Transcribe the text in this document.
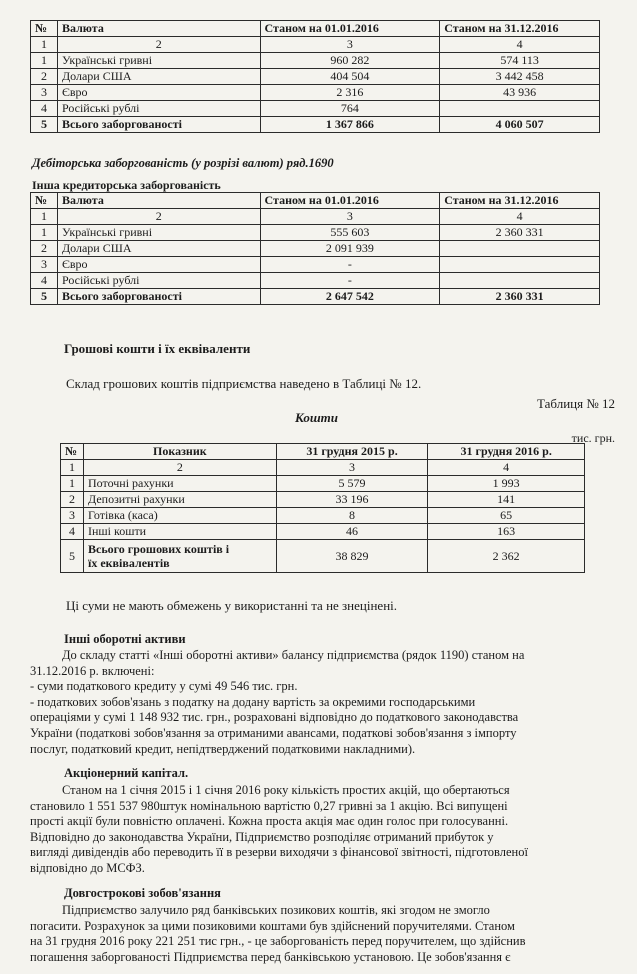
№	Валюта	Станом на 01.01.2016	Станом на 31.12.2016
1	2	3	4
1	Українські гривні	960 282	574 113
2	Долари США	404 504	3 442 458
3	Євро	2 316	43 936
4	Російські рублі	764	
5	Всього заборгованості	1 367 866	4 060 507
Дебіторська заборгованість (у розрізі валют) ряд.1690
Інша кредиторська заборгованість
№	Валюта	Станом на 01.01.2016	Станом на 31.12.2016
1	2	3	4
1	Українські гривні	555 603	2 360 331
2	Долари США	2 091 939	
3	Євро	-	
4	Російські рублі	-	
5	Всього заборгованості	2 647 542	2 360 331
Грошові кошти і їх еквіваленти
Склад грошових коштів підприємства наведено в Таблиці № 12.
Таблиця № 12
Кошти
тис. грн.
№	Показник	31 грудня 2015 р.	31 грудня 2016 р.
1	2	3	4
1	Поточні рахунки	5 579	1 993
2	Депозитні рахунки	33 196	141
3	Готівка (каса)	8	65
4	Інші кошти	46	163
5	Всього грошових коштів і
їх еквівалентів	38 829	2 362
Ці суми не мають обмежень у використанні та не знецінені.
Інші оборотні активи
До складу статті «Інші оборотні активи» балансу підприємства (рядок 1190) станом на
31.12.2016 р. включені:
- суми податкового кредиту у сумі 49 546 тис. грн.
- податкових зобов'язань з податку на додану вартість за окремими господарськими
операціями у сумі 1 148 932 тис. грн., розраховані відповідно до податкового законодавства
України (податкові зобов'язання за отриманими авансами, податкові зобов'язання з імпорту
послуг, податковий кредит, непідтверджений податковими накладними).
Акціонерний капітал.
Станом на 1 січня 2015 і 1 січня 2016 року кількість простих акцій, що обертаються
становило 1 551 537 980штук номінальною вартістю 0,27 гривні за 1 акцію. Всі випущені
прості акції були повністю оплачені. Кожна проста акція має один голос при голосуванні.
Відповідно до законодавства України, Підприємство розподіляє отриманий прибуток у
вигляді дивідендів або переводить її в резерви виходячи з фінансової звітності, підготовленої
відповідно до МСФЗ.
Довгострокові зобов'язання
Підприємство залучило ряд банківських позикових коштів, які згодом не змогло
погасити. Розрахунок за цими позиковими коштами був здійснений поручителями. Станом
на 31 грудня 2016 року 221 251 тис грн., - це заборгованість перед поручителем, що здійснив
погашення заборгованості Підприємства перед банківською установою. Це зобов'язання є
